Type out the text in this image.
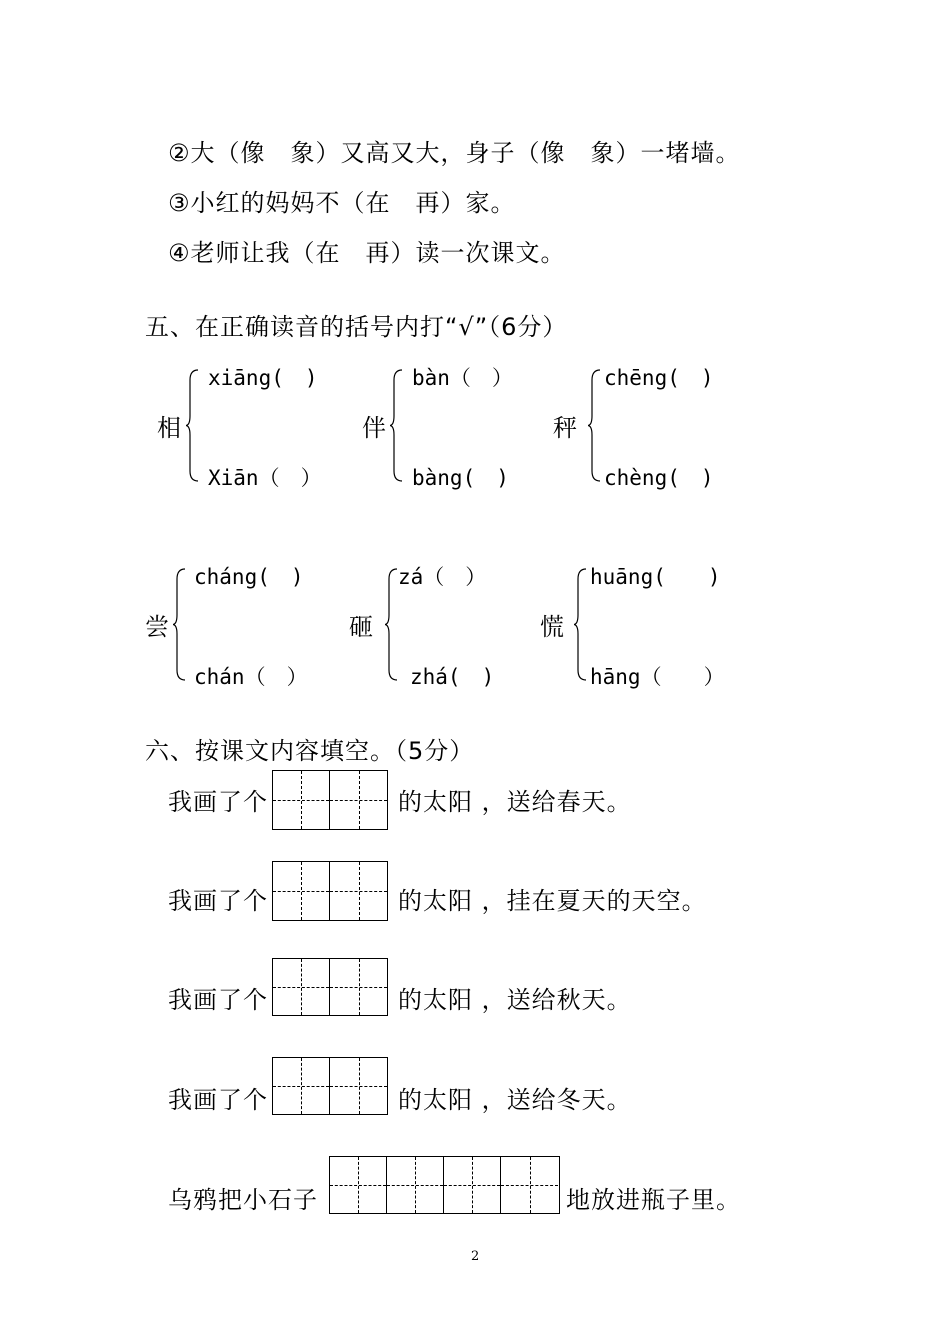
②大（像　象）又高又大，身子（像　象）一堵墙。
③小红的妈妈不（在　再）家。
④老师让我（在　再）读一次课文。
五、在正确读音的括号内打“√”（6分）
相
xiāng(　)
Xiān（　）
伴
bàn（　）
bàng(　)
秤
chēng(　)
chèng(　)
尝
cháng(　)
chán（　）
砸
zá（　）
zhá(　)
慌
huāng(　　)
hāng（　　）
六、按课文内容填空。（5分）
我画了个	的太阳 ，送给春天。
我画了个	的太阳 ，挂在夏天的天空。
我画了个	的太阳 ，送给秋天。
我画了个	的太阳 ，送给冬天。
乌鸦把小石子	地放进瓶子里。
2
